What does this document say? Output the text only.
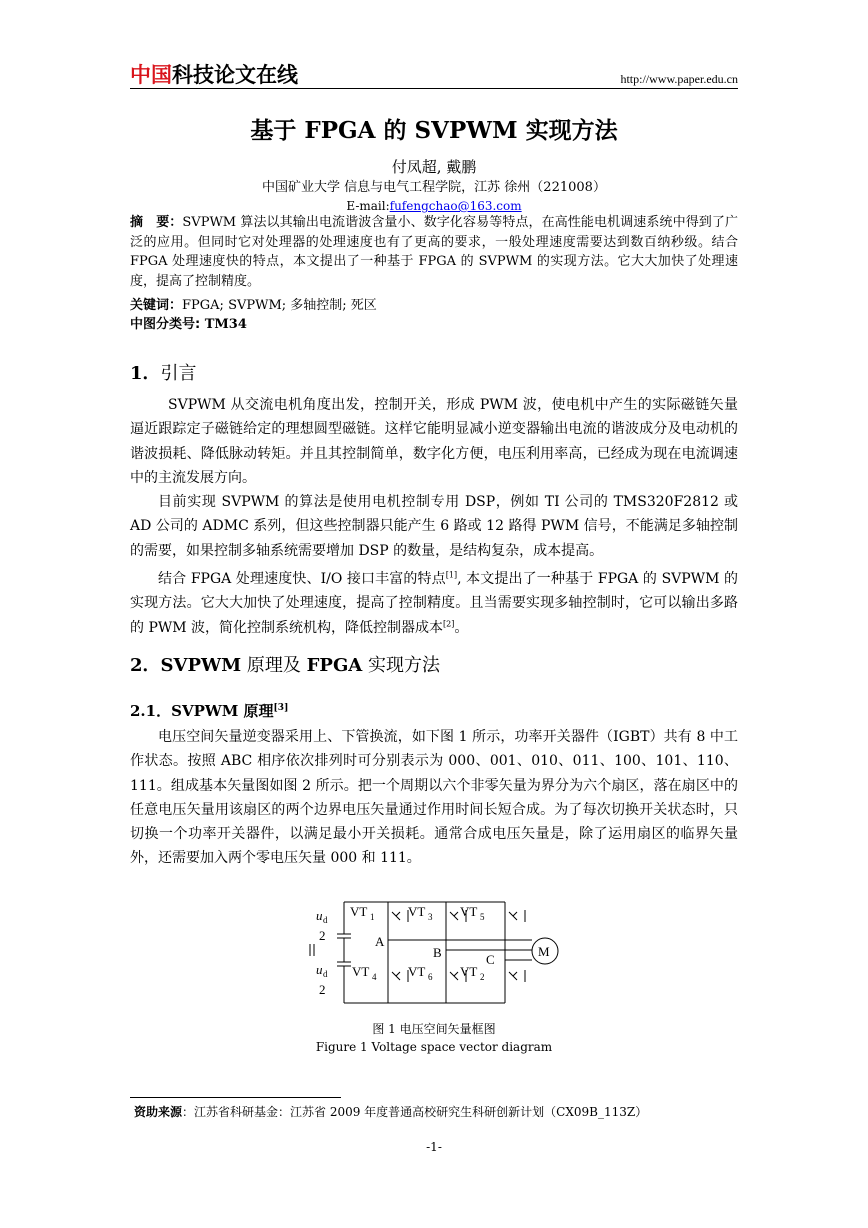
中国科技论文在线	http://www.paper.edu.cn
基于 FPGA 的 SVPWM 实现方法
付凤超, 戴鹏
中国矿业大学 信息与电气工程学院，江苏 徐州（221008）
E-mail:fufengchao@163.com
摘　要：SVPWM 算法以其输出电流谐波含量小、数字化容易等特点，在高性能电机调速系统中得到了广泛的应用。但同时它对处理器的处理速度也有了更高的要求，一般处理速度需要达到数百纳秒级。结合 FPGA 处理速度快的特点，本文提出了一种基于 FPGA 的 SVPWM 的实现方法。它大大加快了处理速度，提高了控制精度。
关键词：FPGA; SVPWM; 多轴控制; 死区
中图分类号: TM34
1．引言
SVPWM 从交流电机角度出发，控制开关，形成 PWM 波，使电机中产生的实际磁链矢量逼近跟踪定子磁链给定的理想圆型磁链。这样它能明显减小逆变器输出电流的谐波成分及电动机的谐波损耗、降低脉动转矩。并且其控制简单，数字化方便，电压利用率高，已经成为现在电流调速中的主流发展方向。
目前实现 SVPWM 的算法是使用电机控制专用 DSP，例如 TI 公司的 TMS320F2812 或 AD 公司的 ADMC 系列，但这些控制器只能产生 6 路或 12 路得 PWM 信号，不能满足多轴控制的需要，如果控制多轴系统需要增加 DSP 的数量，是结构复杂，成本提高。
结合 FPGA 处理速度快、I/O 接口丰富的特点[1], 本文提出了一种基于 FPGA 的 SVPWM 的实现方法。它大大加快了处理速度，提高了控制精度。且当需要实现多轴控制时，它可以输出多路的 PWM 波，简化控制系统机构，降低控制器成本[2]。
2．SVPWM 原理及 FPGA 实现方法
2.1．SVPWM 原理[3]
电压空间矢量逆变器采用上、下管换流，如下图 1 所示，功率开关器件（IGBT）共有 8 中工作状态。按照 ABC 相序依次排列时可分别表示为 000、001、010、011、100、101、110、111。组成基本矢量图如图 2 所示。把一个周期以六个非零矢量为界分为六个扇区，落在扇区中的任意电压矢量用该扇区的两个边界电压矢量通过作用时间长短合成。为了每次切换开关状态时，只切换一个功率开关器件，以满足最小开关损耗。通常合成电压矢量是，除了运用扇区的临界矢量外，还需要加入两个零电压矢量 000 和 111。
u d
2
u d
2
VT 1	VT 3 VT 5
VT 4 VT 6 VT 2
A
B	C
M
图 1 电压空间矢量框图
Figure 1 Voltage space vector diagram
资助来源：江苏省科研基金：江苏省 2009 年度普通高校研究生科研创新计划（CX09B_113Z）
-1-
